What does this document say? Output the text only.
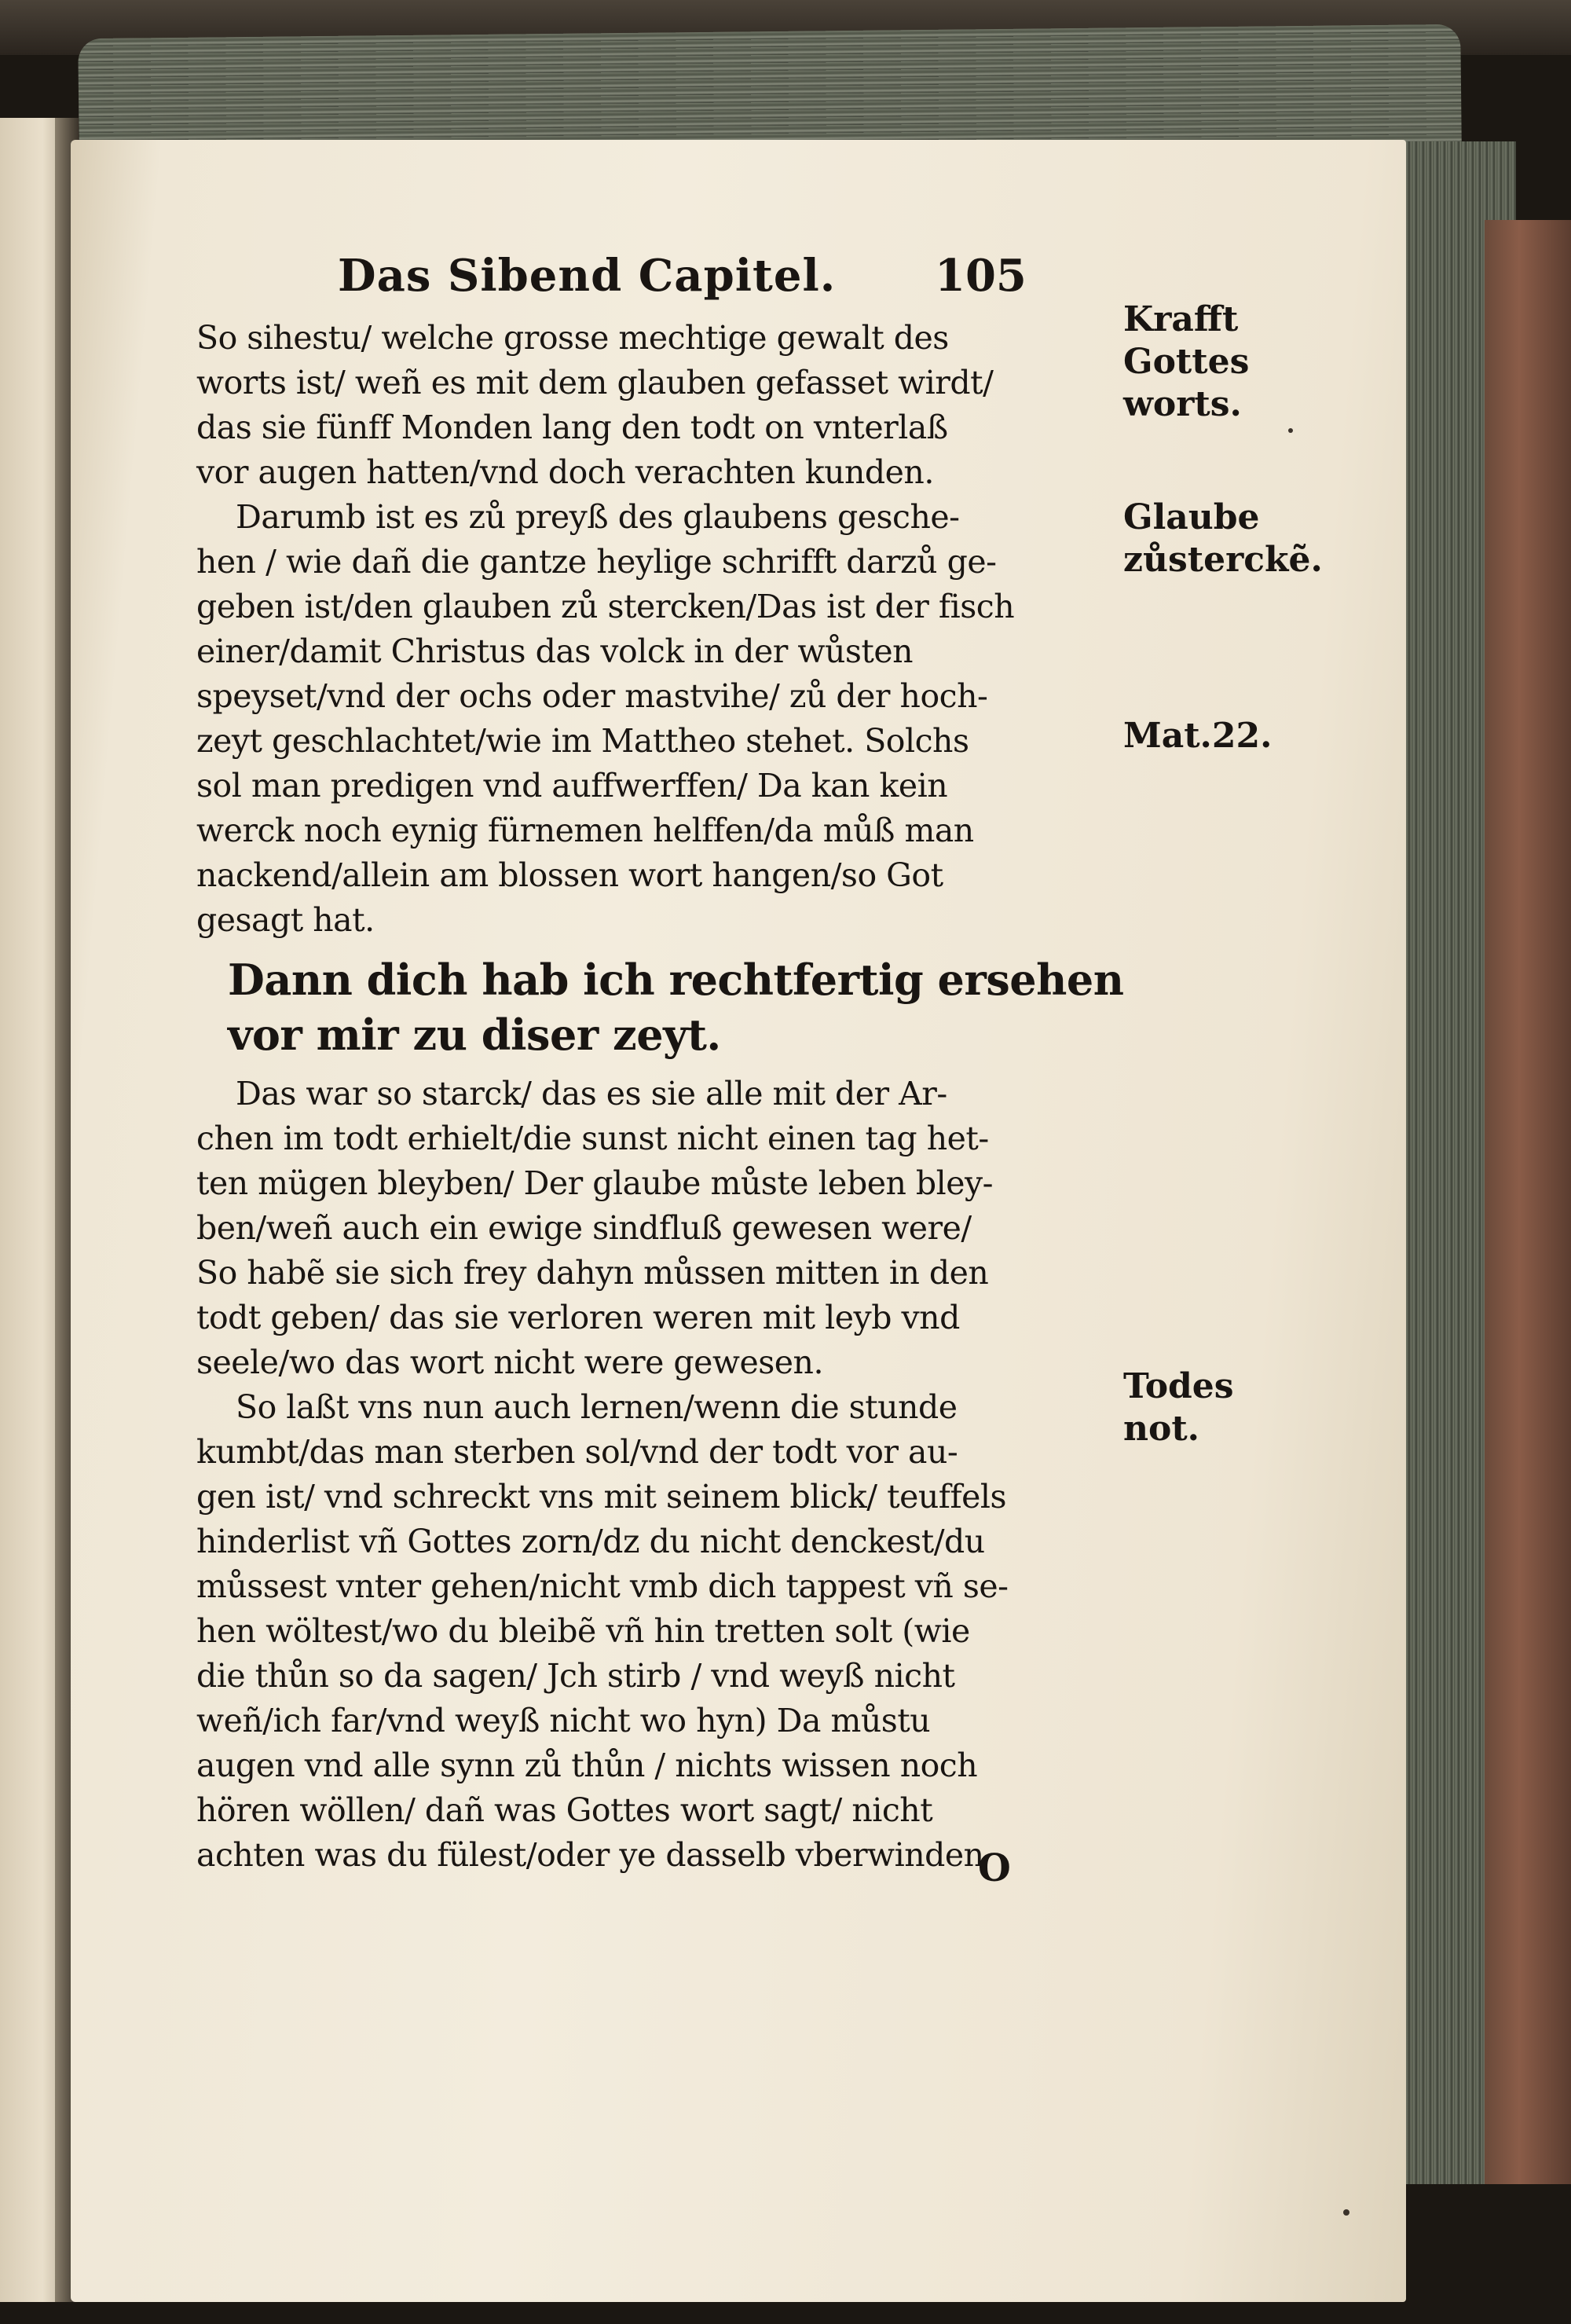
Das Sibend Capitel. 105
So sihestu/ welche grosse mechtige gewalt des
worts ist/ weñ es mit dem glauben gefasset wirdt/
das sie fünff Monden lang den todt on vnterlaß
vor augen hatten/vnd doch verachten kunden.
Darumb ist es zů preyß des glaubens gesche-
hen / wie dañ die gantze heylige schrifft darzů ge-
geben ist/den glauben zů stercken/Das ist der fisch
einer/damit Christus das volck in der wůsten
speyset/vnd der ochs oder mastvihe/ zů der hoch-
zeyt geschlachtet/wie im Mattheo stehet. Solchs
sol man predigen vnd auffwerffen/ Da kan kein
werck noch eynig fürnemen helffen/da můß man
nackend/allein am blossen wort hangen/so Got
gesagt hat.
Dann dich hab ich rechtfertig ersehen
vor mir zu diser zeyt.
Das war so starck/ das es sie alle mit der Ar-
chen im todt erhielt/die sunst nicht einen tag het-
ten mügen bleyben/ Der glaube můste leben bley-
ben/weñ auch ein ewige sindfluß gewesen were/
So habẽ sie sich frey dahyn můssen mitten in den
todt geben/ das sie verloren weren mit leyb vnd
seele/wo das wort nicht were gewesen.
So laßt vns nun auch lernen/wenn die stunde
kumbt/das man sterben sol/vnd der todt vor au-
gen ist/ vnd schreckt vns mit seinem blick/ teuffels
hinderlist vñ Gottes zorn/dz du nicht denckest/du
můssest vnter gehen/nicht vmb dich tappest vñ se-
hen wöltest/wo du bleibẽ vñ hin tretten solt (wie
die thůn so da sagen/ Jch stirb / vnd weyß nicht
weñ/ich far/vnd weyß nicht wo hyn) Da můstu
augen vnd alle synn zů thůn / nichts wissen noch
hören wöllen/ dañ was Gottes wort sagt/ nicht
achten was du fülest/oder ye dasselb vberwinden
Krafft
Gottes
worts.
Glaube
zůsterckẽ.
Mat.22.
Todes
not.
O
